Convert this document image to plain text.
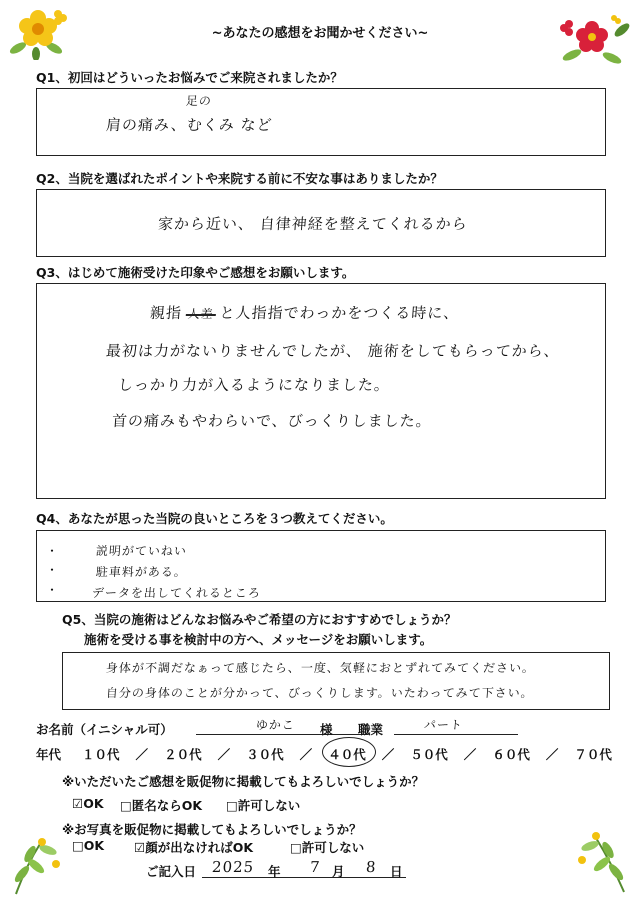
~あなたの感想をお聞かせください~
Q1、初回はどういったお悩みでご来院されましたか？
足の
肩の痛み、むくみ など
Q2、当院を選ばれたポイントや来院する前に不安な事はありましたか？
家から近い、 自律神経を整えてくれるから
Q3、はじめて施術受けた印象やご感想をお願いします。
親指 人差 と人指指でわっかをつくる時に、
最初は力がないりませんでしたが、 施術をしてもらってから、
しっかり力が入るようになりました。
首の痛みもやわらいで、びっくりしました。
Q4、あなたが思った当院の良いところを３つ教えてください。
・
・
・
説明がていねい
駐車料がある。
データを出してくれるところ
Q5、当院の施術はどんなお悩みやご希望の方におすすめでしょうか？
施術を受ける事を検討中の方へ、メッセージをお願いします。
身体が不調だなぁって感じたら、一度、気軽におとずれてみてください。
自分の身体のことが分かって、びっくりします。いたわってみて下さい。
お名前（イニシャル可）	ゆかこ 様 職業	パート
年代 １０代 ／ ２０代 ／ ３０代 ／ ４０代 ／ ５０代 ／ ６０代 ／ ７０代
※いただいたご感想を販促物に掲載してもよろしいでしょうか？
☑OK □匿名ならOK □許可しない
※お写真を販促物に掲載してもよろしいでしょうか？
□OK ☑顔が出なければOK	□許可しない
ご記入日 2025 年 7 月 8 日
